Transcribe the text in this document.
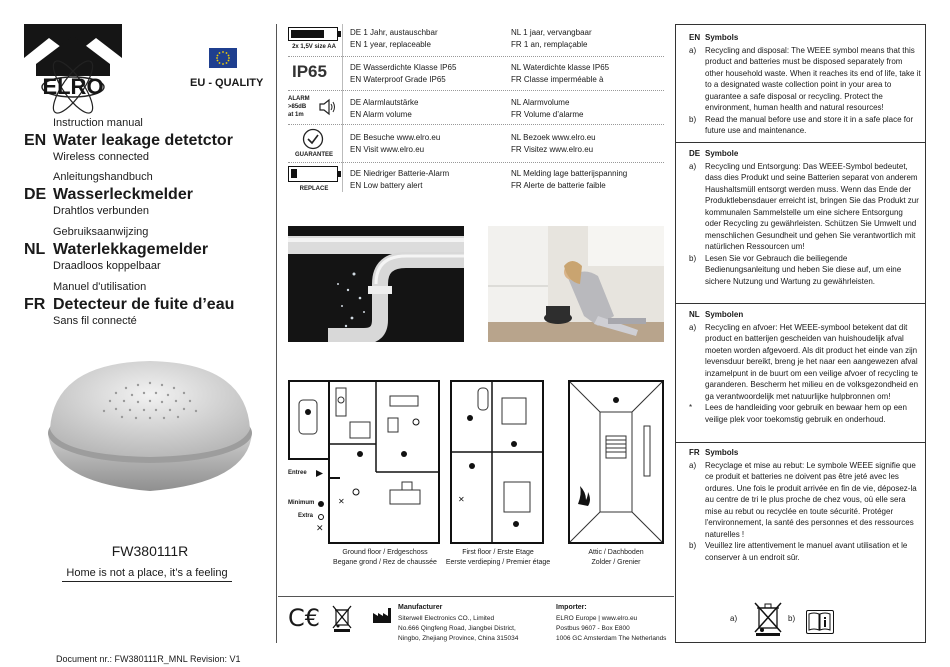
ELRO	EU - QUALITY
Instruction manual
EN Water leakage detetctor
Wireless connected
Anleitungshandbuch
DE Wasserleckmelder
Drahtlos verbunden
Gebruiksaanwijzing
NL Waterlekkagemelder
Draadloos koppelbaar
Manuel d'utilisation
FR Detecteur de fuite d’eau
Sans fil connecté
FW380111R
Home is not a place, it’s a feeling
Document nr.: FW380111R_MNL Revision: V1
2x 1,5V size AA
DE 1 Jahr, austauschbar
EN 1 year, replaceable
NL 1 jaar, vervangbaar
FR 1 an, remplaçable
IP65	DE Wasserdichte Klasse IP65
EN Waterproof Grade IP65
NL Waterdichte klasse IP65
FR Classe imperméable à
ALARM
>85dB
at 1m
DE Alarmlautstärke
EN Alarm volume
NL Alarmvolume
FR Volume d’alarme
GUARANTEE
DE Besuche www.elro.eu
EN Visit www.elro.eu
NL Bezoek www.elro.eu
FR Visitez www.elro.eu
REPLACE
DE Niedriger Batterie-Alarm
EN Low battery alert
NL Melding lage batterijspanning
FR Alerte de batterie faible
Entree
Minimum
Extra
✕
✕	✕
Ground floor / Erdgeschoss
Begane grond / Rez de chaussée
First floor / Erste Etage
Eerste verdieping / Premier étage
Attic / Dachboden
Zolder / Grenier
C€	Manufacturer
Siterwell Electronics CO., Limited
No.666 Qingfeng Road, Jiangbei District,
Ningbo, Zhejiang Province, China 315034
Importer:
ELRO Europe | www.elro.eu
Postbus 9607 - Box E800
1006 GC Amsterdam The Netherlands
EN Symbols
a) Recycling and disposal: The WEEE symbol means that this product and batteries must be disposed separately from other household waste. When it reaches its end of life, take it to a designated waste collection point in your area to guarantee a safe disposal or recycling. Protect the environment, human health and natural resources!
b) Read the manual before use and store it in a safe place for future use and maintenance.
DE Symbole
a) Recycling und Entsorgung: Das WEEE-Symbol bedeutet, dass dies Produkt und seine Batterien separat von anderem Haushaltsmüll entsorgt werden muss. Wenn das Ende der Produktlebensdauer erreicht ist, bringen Sie das Produkt zur kommunalen Sammelstelle um eine sichere Entsorgung oder Recycling zu gewährleisten. Schützen Sie Umwelt und menschlichen Gesundheit und gehen Sie verantwortlich mit natürlichen Ressourcen um!
b) Lesen Sie vor Gebrauch die beiliegende Bedienungsanleitung und heben Sie diese auf, um eine sichere Nutzung und Wartung zu gewährleisten.
NL Symbolen
a) Recycling en afvoer: Het WEEE-symbool betekent dat dit product en batterijen gescheiden van huishoudelijk afval moeten worden afgevoerd. Als dit product het einde van zijn levensduur bereikt, breng je het naar een aangewezen afval inzamelpunt in de buurt om een veilige afvoer of recycling te garanderen. Bescherm het milieu en de volksgezondheid en ga verantwoordelijk met natuurlijke hulpbronnen om!
* Lees de handleiding voor gebruik en bewaar hem op een veilige plek voor toekomstig gebruik en onderhoud.
FR Symbols
a) Recyclage et mise au rebut: Le symbole WEEE signifie que ce produit et batteries ne doivent pas être jeté avec les ordures. Une fois le produit arrivée en fin de vie, déposez-la au centre de tri le plus proche de chez vous, où elle sera mise au rebut ou recyclée en toute sécurité. Protéger l'environnement, la santé des personnes et des ressources naturelles !
b) Veuillez lire attentivement le manuel avant utilisation et le conserver à un endroit sûr.
a)	b)
